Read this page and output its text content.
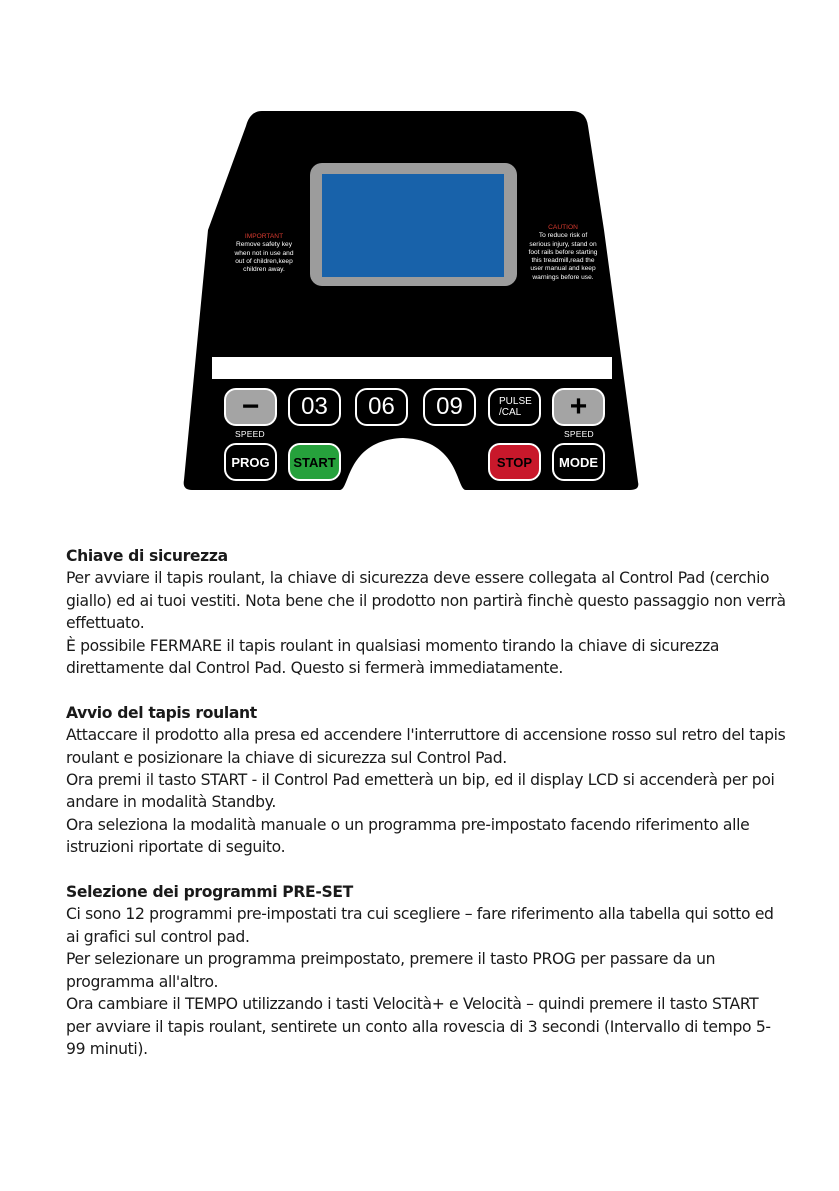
IMPORTANT
Remove safety key
when not in use and
out of children,keep
children away.
CAUTION
To reduce risk of
serious injury, stand on
foot rails before starting
this treadmill,read the
user manual and keep
warnings before use.
− 03 06 09	PULSE
/CAL +
SPEED	SPEED
PROG START	STOP MODE
Chiave di sicurezza

Per avviare il tapis roulant, la chiave di sicurezza deve essere collegata al Control Pad (cerchio giallo) ed ai tuoi vestiti. Nota bene che il prodotto non partirà finchè questo passaggio non verrà effettuato.

È possibile FERMARE il tapis roulant in qualsiasi momento tirando la chiave di sicurezza direttamente dal Control Pad. Questo si fermerà immediatamente.

Avvio del tapis roulant

Attaccare il prodotto alla presa ed accendere l'interruttore di accensione rosso sul retro del tapis roulant e posizionare la chiave di sicurezza sul Control Pad.

Ora premi il tasto START - il Control Pad emetterà un bip, ed il display LCD si accenderà per poi andare in modalità Standby.

Ora seleziona la modalità manuale o un programma pre-impostato facendo riferimento alle istruzioni riportate di seguito.

Selezione dei programmi PRE-SET

Ci sono 12 programmi pre-impostati tra cui scegliere – fare riferimento alla tabella qui sotto ed ai grafici sul control pad.

Per selezionare un programma preimpostato, premere il tasto PROG per passare da un programma all'altro.

Ora cambiare il TEMPO utilizzando i tasti Velocità+ e Velocità – quindi premere il tasto START per avviare il tapis roulant, sentirete un conto alla rovescia di 3 secondi (Intervallo di tempo 5-99 minuti).
